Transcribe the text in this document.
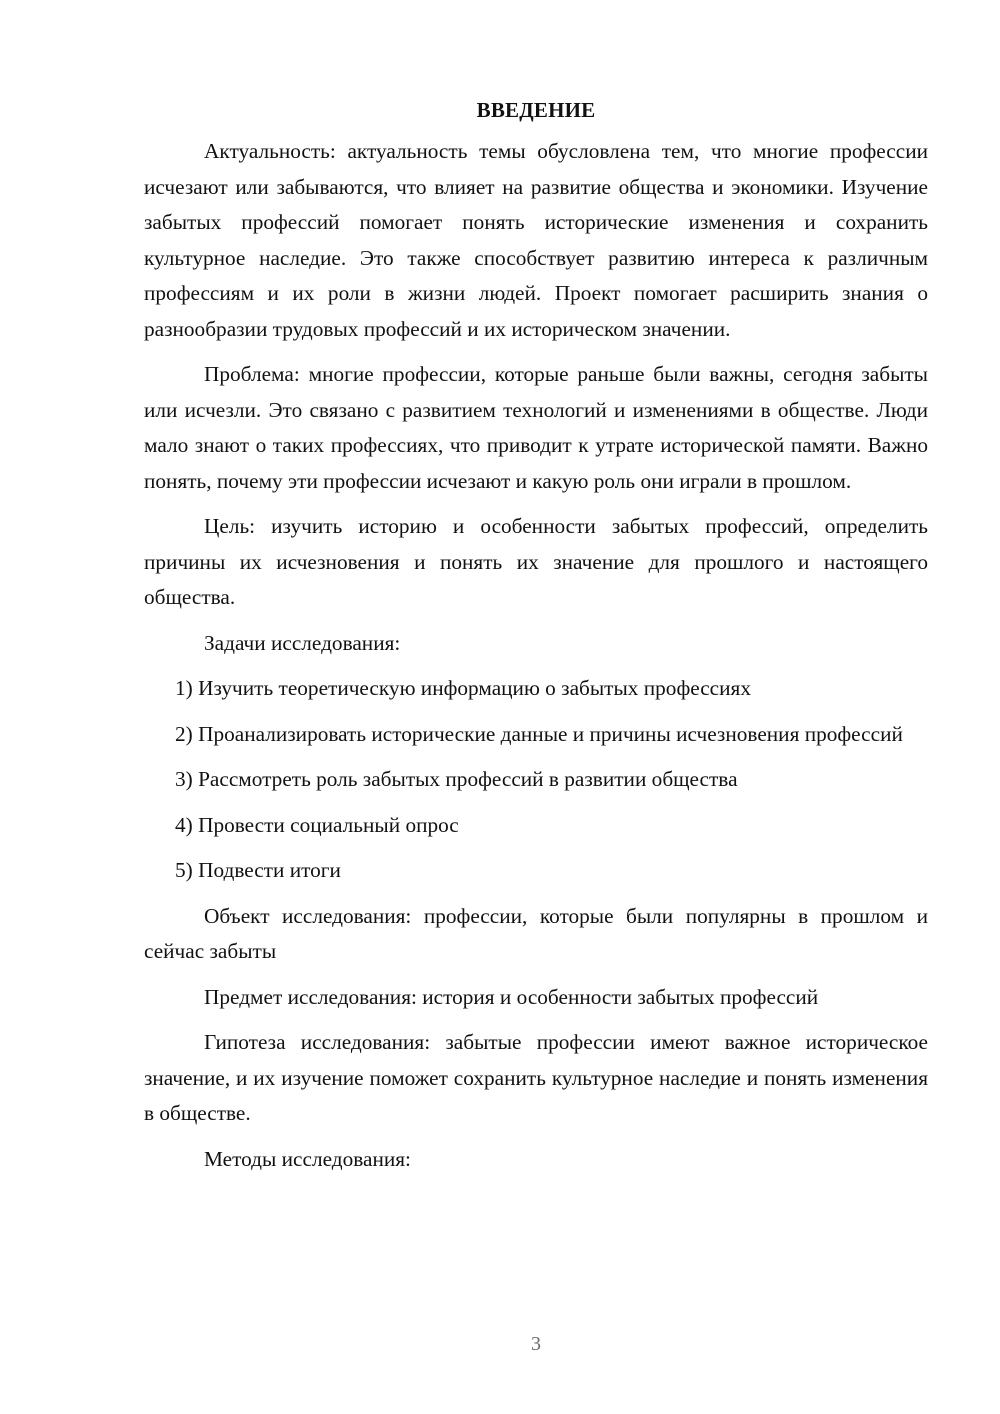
ВВЕДЕНИЕ

Актуальность: актуальность темы обусловлена тем, что многие профессии исчезают или забываются, что влияет на развитие общества и экономики. Изучение забытых профессий помогает понять исторические изменения и сохранить культурное наследие. Это также способствует развитию интереса к различным профессиям и их роли в жизни людей. Проект помогает расширить знания о разнообразии трудовых профессий и их историческом значении.

Проблема: многие профессии, которые раньше были важны, сегодня забыты или исчезли. Это связано с развитием технологий и изменениями в обществе. Люди мало знают о таких профессиях, что приводит к утрате исторической памяти. Важно понять, почему эти профессии исчезают и какую роль они играли в прошлом.

Цель: изучить историю и особенности забытых профессий, определить причины их исчезновения и понять их значение для прошлого и настоящего общества.

Задачи исследования:

1) Изучить теоретическую информацию о забытых профессиях

2) Проанализировать исторические данные и причины исчезновения профессий

3) Рассмотреть роль забытых профессий в развитии общества

4) Провести социальный опрос

5) Подвести итоги

Объект исследования: профессии, которые были популярны в прошлом и сейчас забыты

Предмет исследования: история и особенности забытых профессий

Гипотеза исследования: забытые профессии имеют важное историческое значение, и их изучение поможет сохранить культурное наследие и понять изменения в обществе.

Методы исследования:

3
